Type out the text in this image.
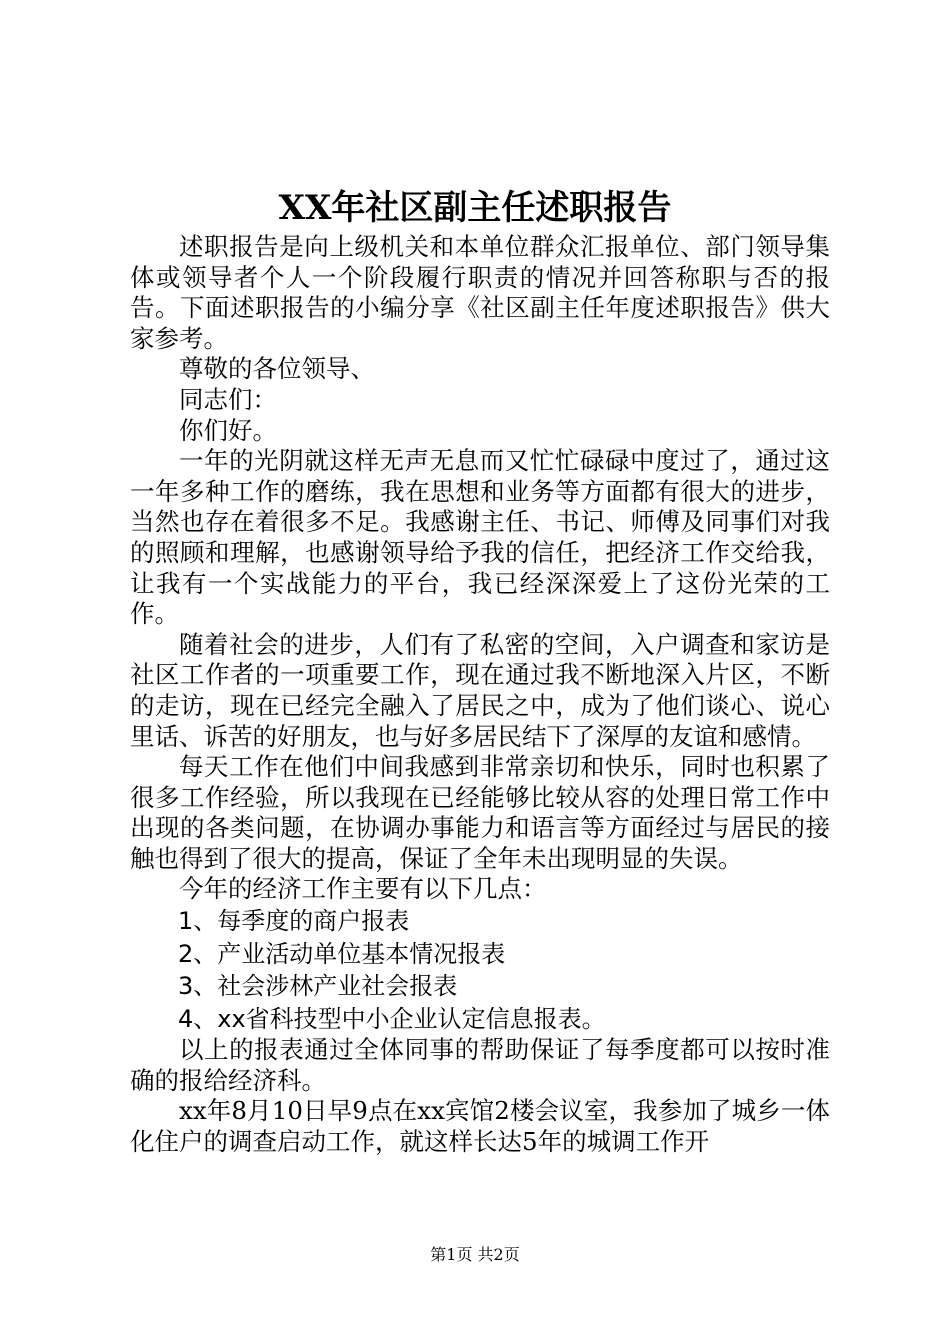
XX年社区副主任述职报告

述职报告是向上级机关和本单位群众汇报单位、部门领导集体或领导者个人一个阶段履行职责的情况并回答称职与否的报告。下面述职报告的小编分享《社区副主任年度述职报告》供大家参考。

尊敬的各位领导、

同志们：

你们好。

一年的光阴就这样无声无息而又忙忙碌碌中度过了，通过这一年多种工作的磨练，我在思想和业务等方面都有很大的进步，当然也存在着很多不足。我感谢主任、书记、师傅及同事们对我的照顾和理解，也感谢领导给予我的信任，把经济工作交给我，让我有一个实战能力的平台，我已经深深爱上了这份光荣的工作。

随着社会的进步，人们有了私密的空间，入户调查和家访是社区工作者的一项重要工作，现在通过我不断地深入片区，不断的走访，现在已经完全融入了居民之中，成为了他们谈心、说心里话、诉苦的好朋友，也与好多居民结下了深厚的友谊和感情。

每天工作在他们中间我感到非常亲切和快乐，同时也积累了很多工作经验，所以我现在已经能够比较从容的处理日常工作中出现的各类问题，在协调办事能力和语言等方面经过与居民的接触也得到了很大的提高，保证了全年未出现明显的失误。

今年的经济工作主要有以下几点：

1、每季度的商户报表

2、产业活动单位基本情况报表

3、社会涉林产业社会报表

4、xx省科技型中小企业认定信息报表。

以上的报表通过全体同事的帮助保证了每季度都可以按时准确的报给经济科。

xx年8月10日早9点在xx宾馆2楼会议室，我参加了城乡一体化住户的调查启动工作，就这样长达5年的城调工作开

第1页 共2页
